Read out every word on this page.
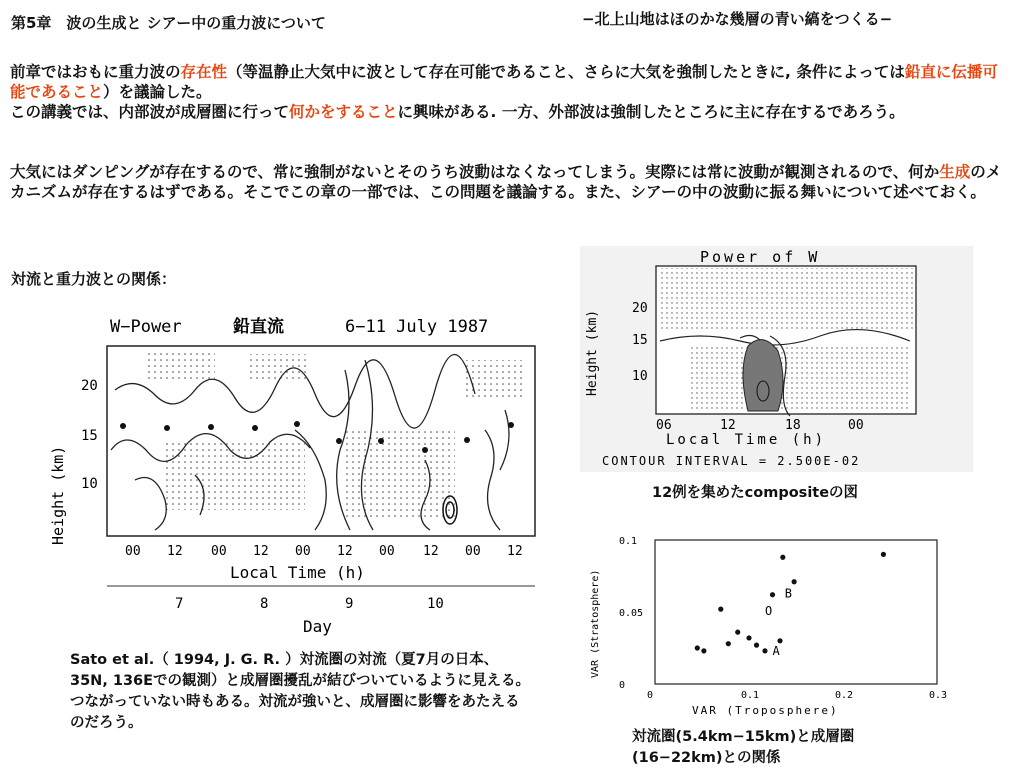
第5章　波の生成と シアー中の重力波について	−北上山地はほのかな幾層の青い縞をつくる−
前章ではおもに重力波の存在性（等温静止大気中に波として存在可能であること、さらに大気を強制したときに, 条件によっては鉛直に伝播可能であること）を議論した。
この講義では、内部波が成層圏に行って何かをすることに興味がある. 一方、外部波は強制したところに主に存在するであろう。
大気にはダンピングが存在するので、常に強制がないとそのうち波動はなくなってしまう。実際には常に波動が観測されるので、何か生成のメカニズムが存在するはずである。そこでこの章の一部では、この問題を議論する。また、シアーの中の波動に振る舞いについて述べておく。
対流と重力波との関係：
W−Power	鉛直流	6−11 July 1987
Height (km)
20
15
10
00 12 00 12 00 12 00 12 00 12
Local Time (h)
7	8	9	10
Day
Sato et al.（ 1994, J. G. R. ）対流圏の対流（夏7月の日本、35N, 136Eでの観測）と成層圏擾乱が結びついているように見える。つながっていない時もある。対流が強いと、成層圏に影響をあたえるのだろう。
Power of W
Height (km)
20
15
10
06	12	18	00
Local Time (h)
CONTOUR INTERVAL = 2.500E-02
12例を集めたcompositeの図
VAR (Stratosphere)
VAR (Troposphere)
0	0.1	0.2	0.3
0
0.05
0.1
A
B
O
対流圏(5.4km−15km)と成層圏(16−22km)との関係
